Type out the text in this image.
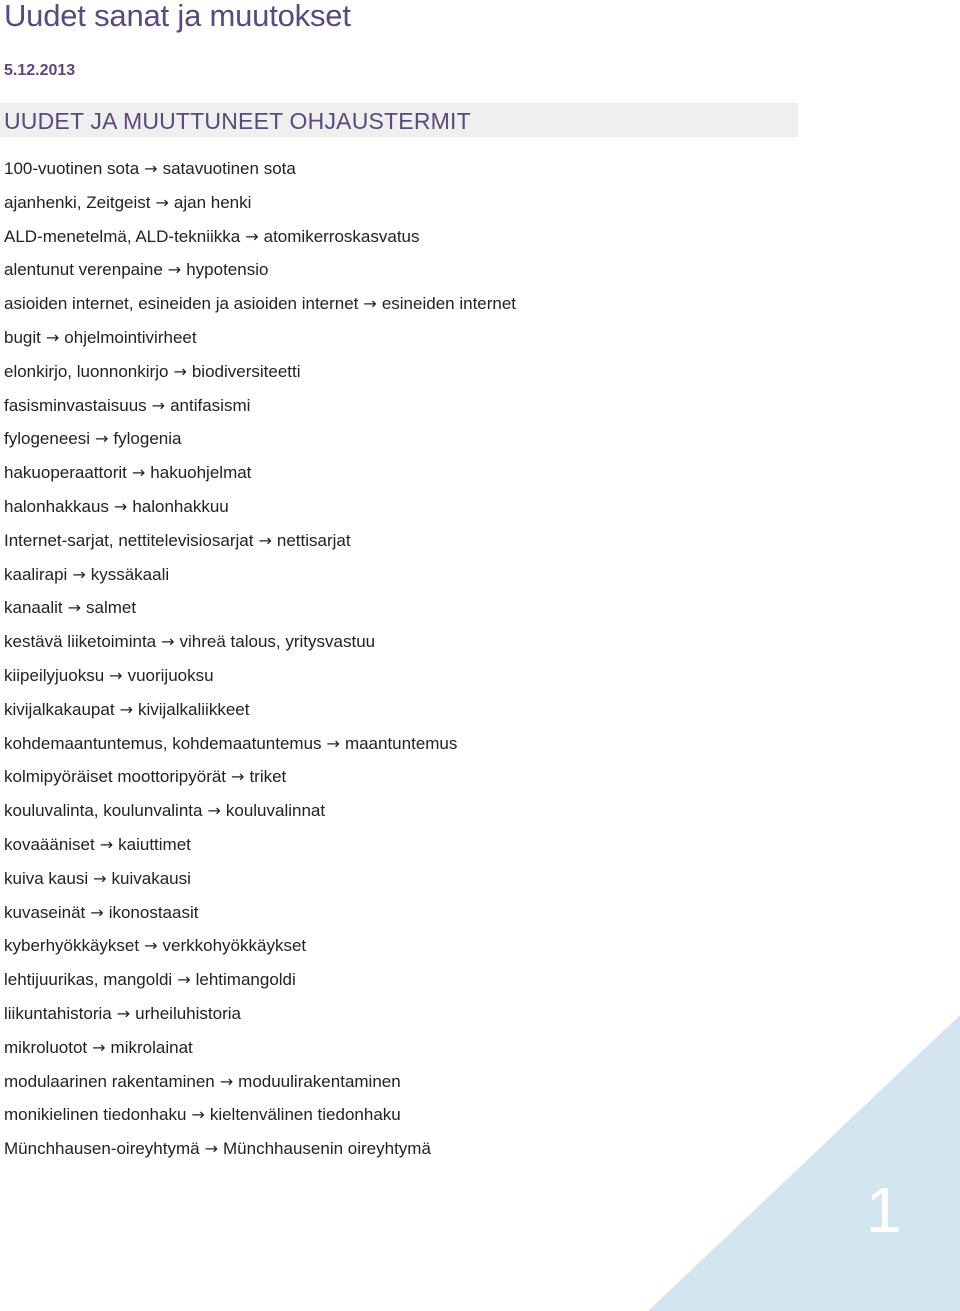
Uudet sanat ja muutokset
5.12.2013
UUDET JA MUUTTUNEET OHJAUSTERMIT
100-vuotinen sota → satavuotinen sota
ajanhenki, Zeitgeist → ajan henki
ALD-menetelmä, ALD-tekniikka → atomikerroskasvatus
alentunut verenpaine → hypotensio
asioiden internet, esineiden ja asioiden internet → esineiden internet
bugit → ohjelmointivirheet
elonkirjo, luonnonkirjo → biodiversiteetti
fasisminvastaisuus → antifasismi
fylogeneesi → fylogenia
hakuoperaattorit → hakuohjelmat
halonhakkaus → halonhakkuu
Internet-sarjat, nettitelevisiosarjat → nettisarjat
kaalirapi → kyssäkaali
kanaalit → salmet
kestävä liiketoiminta → vihreä talous, yritysvastuu
kiipeilyjuoksu → vuorijuoksu
kivijalkakaupat → kivijalkaliikkeet
kohdemaantuntemus, kohdemaatuntemus → maantuntemus
kolmipyöräiset moottoripyörät → triket
kouluvalinta, koulunvalinta → kouluvalinnat
kovaääniset → kaiuttimet
kuiva kausi → kuivakausi
kuvaseinät → ikonostaasit
kyberhyökkäykset → verkkohyökkäykset
lehtijuurikas, mangoldi → lehtimangoldi
liikuntahistoria → urheiluhistoria
mikroluotot → mikrolainat
modulaarinen rakentaminen → moduulirakentaminen
monikielinen tiedonhaku → kieltenvälinen tiedonhaku
Münchhausen-oireyhtymä → Münchhausenin oireyhtymä
1
